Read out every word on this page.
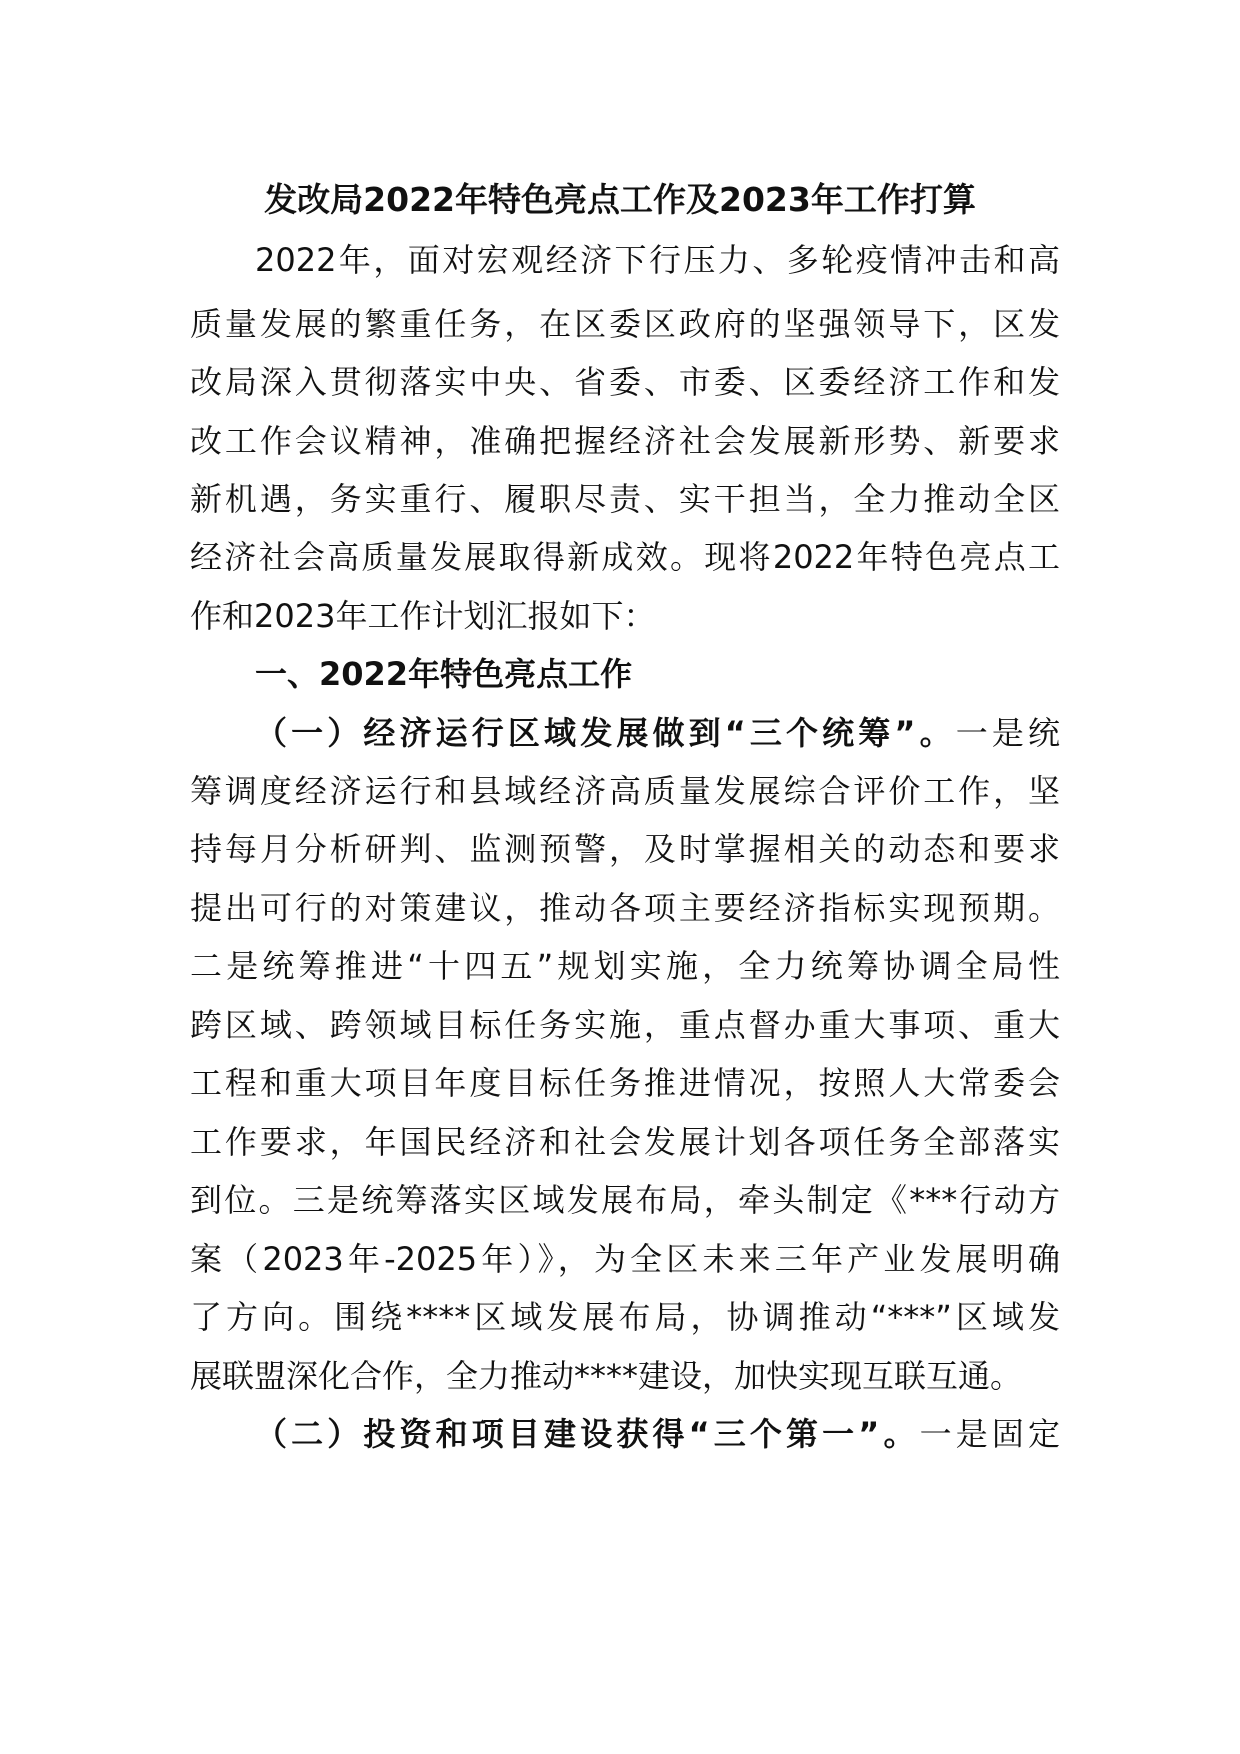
发改局2022年特色亮点工作及2023年工作打算
2022年，面对宏观经济下行压力、多轮疫情冲击和高
质量发展的繁重任务，在区委区政府的坚强领导下，区发
改局深入贯彻落实中央、省委、市委、区委经济工作和发
改工作会议精神，准确把握经济社会发展新形势、新要求
新机遇，务实重行、履职尽责、实干担当，全力推动全区
经济社会高质量发展取得新成效。现将2022年特色亮点工
作和2023年工作计划汇报如下：
一、2022年特色亮点工作
（一）经济运行区域发展做到“三个统筹”。一是统
筹调度经济运行和县域经济高质量发展综合评价工作，坚
持每月分析研判、监测预警，及时掌握相关的动态和要求
提出可行的对策建议，推动各项主要经济指标实现预期。
二是统筹推进“十四五”规划实施，全力统筹协调全局性
跨区域、跨领域目标任务实施，重点督办重大事项、重大
工程和重大项目年度目标任务推进情况，按照人大常委会
工作要求，年国民经济和社会发展计划各项任务全部落实
到位。三是统筹落实区域发展布局，牵头制定《***行动方
案（2023年-2025年）》，为全区未来三年产业发展明确
了方向。围绕****区域发展布局，协调推动“***”区域发
展联盟深化合作，全力推动****建设，加快实现互联互通。
（二）投资和项目建设获得“三个第一”。一是固定
